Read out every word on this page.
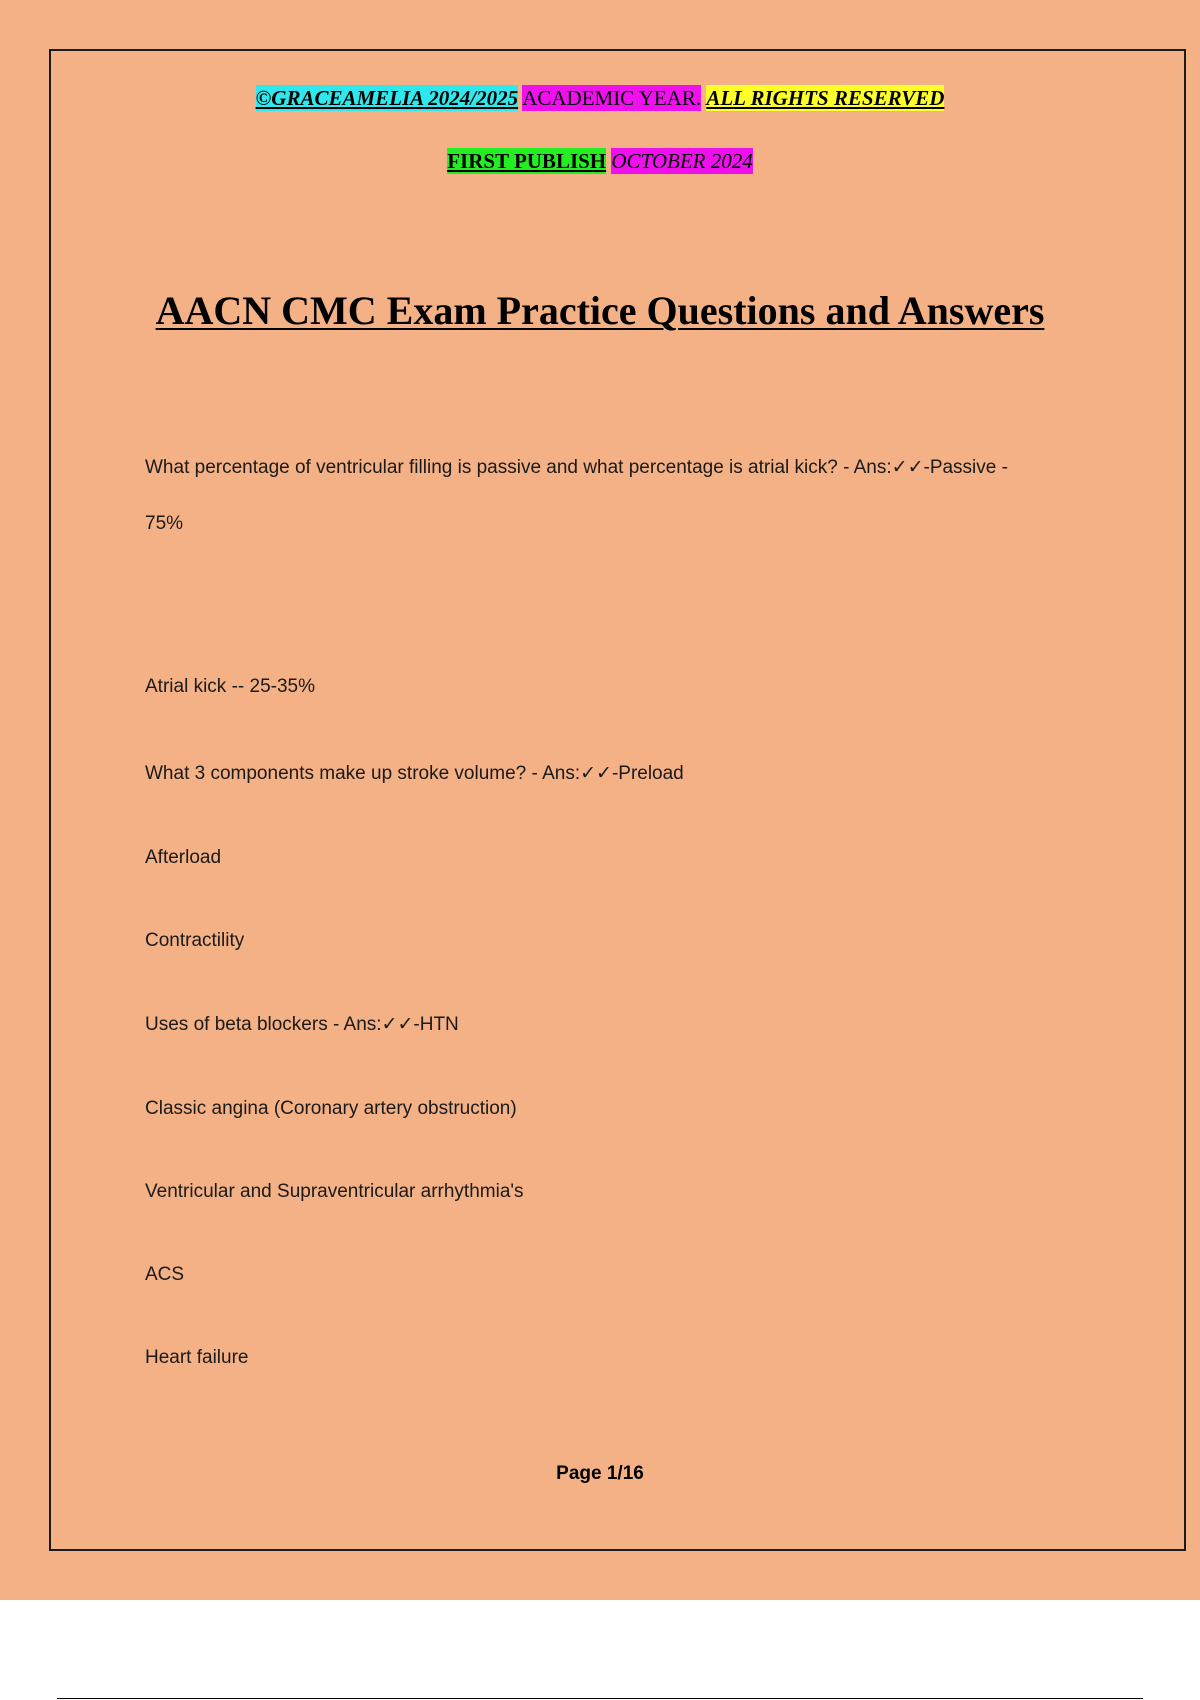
©GRACEAMELIA 2024/2025 ACADEMIC YEAR. ALL RIGHTS RESERVED
FIRST PUBLISH OCTOBER 2024
AACN CMC Exam Practice Questions and Answers
What percentage of ventricular filling is passive and what percentage is atrial kick? - Ans:✓✓-Passive -
75%
Atrial kick -- 25-35%
What 3 components make up stroke volume? - Ans:✓✓-Preload
Afterload
Contractility
Uses of beta blockers - Ans:✓✓-HTN
Classic angina (Coronary artery obstruction)
Ventricular and Supraventricular arrhythmia's
ACS
Heart failure
Page 1/16
